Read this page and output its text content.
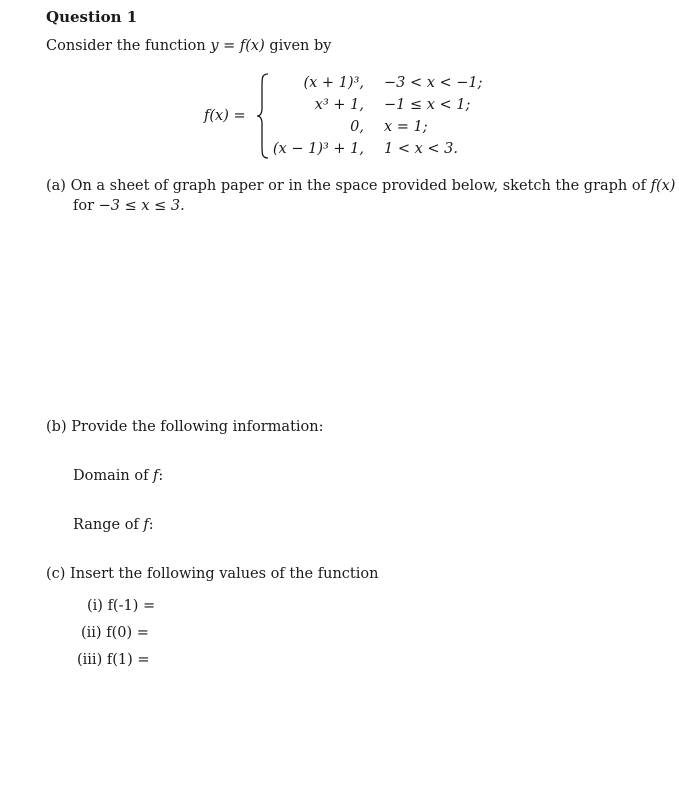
Question 1
Consider the function y = f(x) given by
f(x) =
(x + 1)³,
x³ + 1,
0,
(x − 1)³ + 1,
−3 < x < −1;
−1 ≤ x < 1;
x = 1;
1 < x < 3.
(a) On a sheet of graph paper or in the space provided below, sketch the graph of f(x)
for −3 ≤ x ≤ 3.
(b) Provide the following information:
Domain of f:
Range of f:
(c) Insert the following values of the function
(i) f(-1) =
(ii) f(0) =
(iii) f(1) =
